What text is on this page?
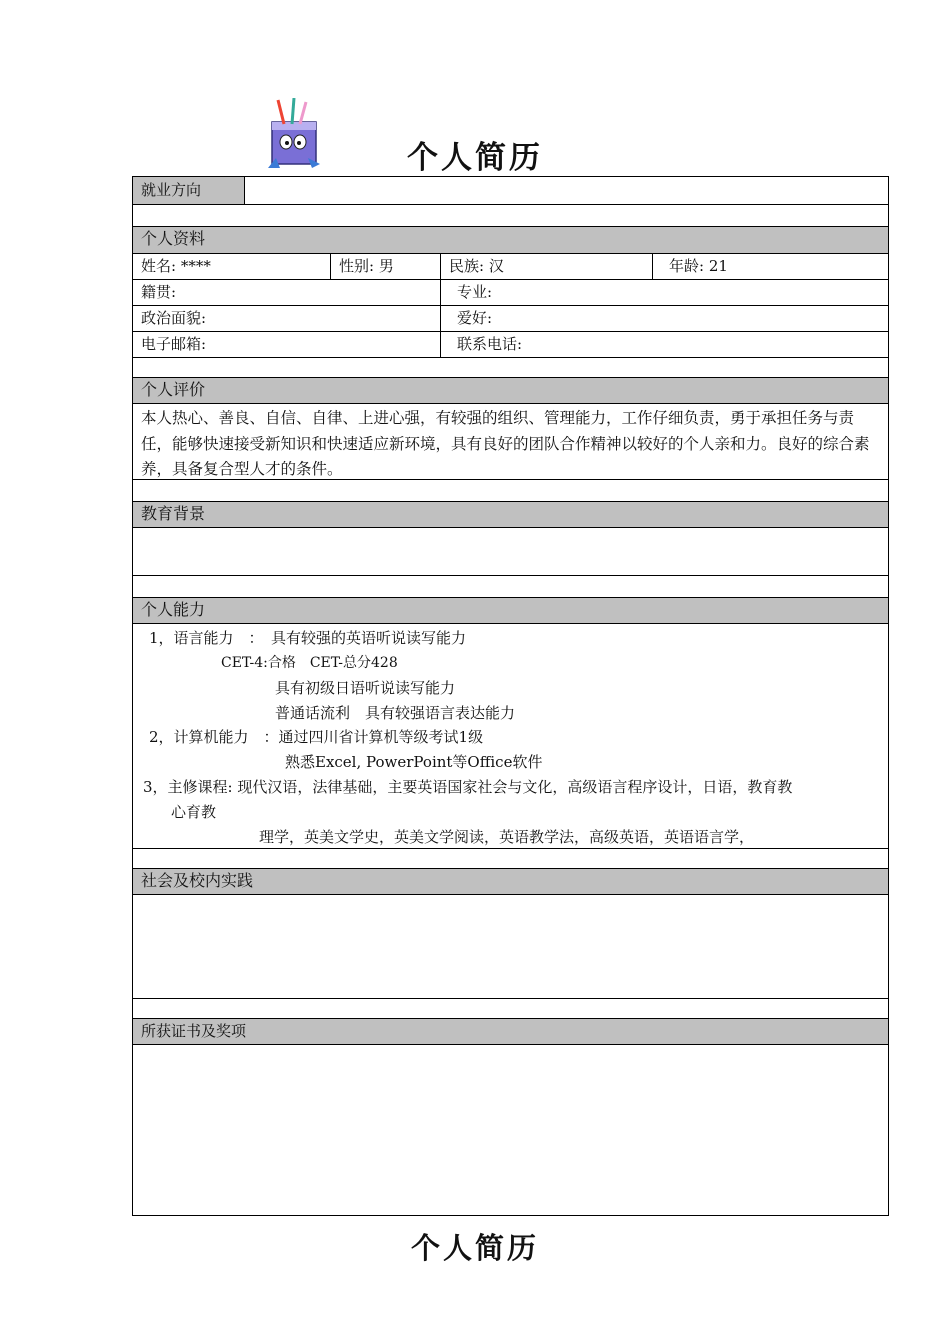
个人简历
就业方向
个人资料
姓名: ****	性别: 男	民族: 汉	年龄: 21
籍贯:	专业:
政治面貌:	爱好:
电子邮箱:	联系电话:
个人评价
本人热心、善良、自信、自律、上进心强，有较强的组织、管理能力，工作仔细负责，勇于承担任务与责任，能够快速接受新知识和快速适应新环境，具有良好的团队合作精神以较好的个人亲和力。良好的综合素养，具备复合型人才的条件。
教育背景
个人能力
1，语言能力　：　具有较强的英语听说读写能力
CET-4:合格　CET-总分428
具有初级日语听说读写能力
普通话流利　具有较强语言表达能力
2，计算机能力　：通过四川省计算机等级考试1级
熟悉Excel, PowerPoint等Office软件
3，主修课程: 现代汉语，法律基础，主要英语国家社会与文化，高级语言程序设计，日语，教育教
心育教
理学，英美文学史，英美文学阅读，英语教学法，高级英语，英语语言学，
社会及校内实践
所获证书及奖项
个人简历
